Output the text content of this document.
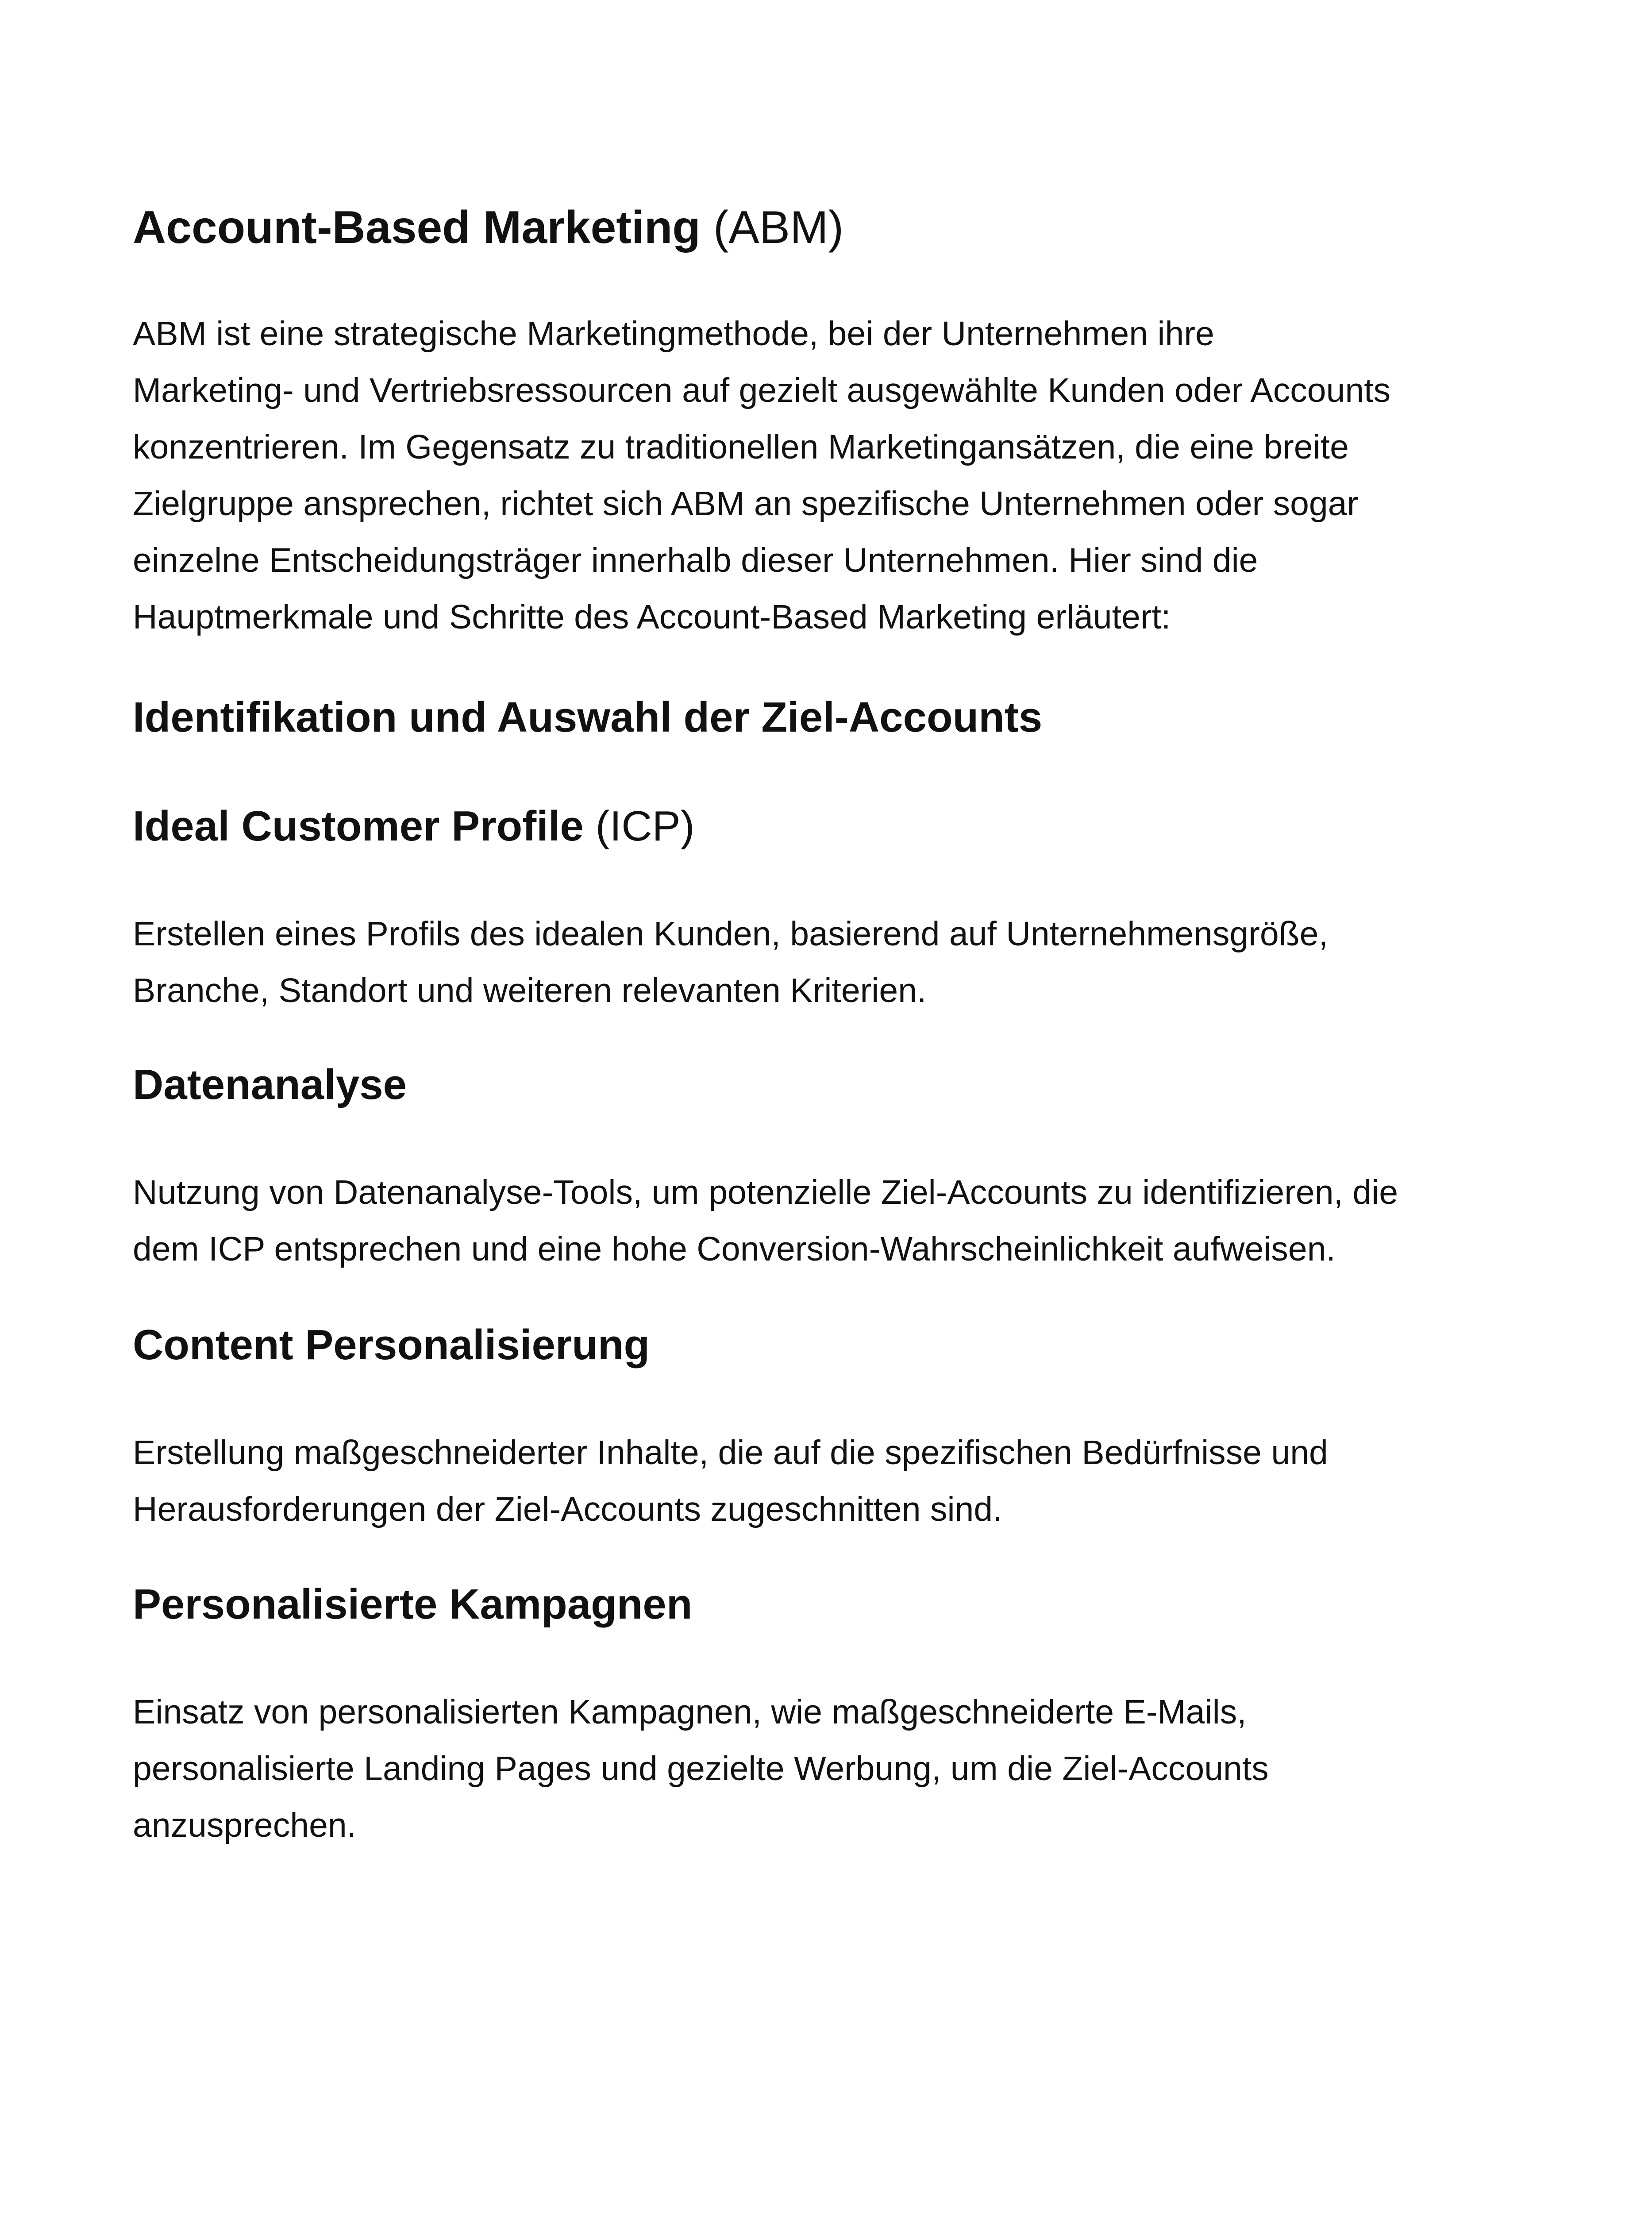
Account-Based Marketing (ABM)

ABM ist eine strategische Marketingmethode, bei der Unternehmen ihre
Marketing- und Vertriebsressourcen auf gezielt ausgewählte Kunden oder Accounts
konzentrieren. Im Gegensatz zu traditionellen Marketingansätzen, die eine breite
Zielgruppe ansprechen, richtet sich ABM an spezifische Unternehmen oder sogar
einzelne Entscheidungsträger innerhalb dieser Unternehmen. Hier sind die
Hauptmerkmale und Schritte des Account-Based Marketing erläutert:

Identifikation und Auswahl der Ziel-Accounts
Ideal Customer Profile (ICP)

Erstellen eines Profils des idealen Kunden, basierend auf Unternehmensgröße,
Branche, Standort und weiteren relevanten Kriterien.

Datenanalyse

Nutzung von Datenanalyse-Tools, um potenzielle Ziel-Accounts zu identifizieren, die
dem ICP entsprechen und eine hohe Conversion-Wahrscheinlichkeit aufweisen.

Content Personalisierung

Erstellung maßgeschneiderter Inhalte, die auf die spezifischen Bedürfnisse und
Herausforderungen der Ziel-Accounts zugeschnitten sind.

Personalisierte Kampagnen

Einsatz von personalisierten Kampagnen, wie maßgeschneiderte E-Mails,
personalisierte Landing Pages und gezielte Werbung, um die Ziel-Accounts
anzusprechen.
